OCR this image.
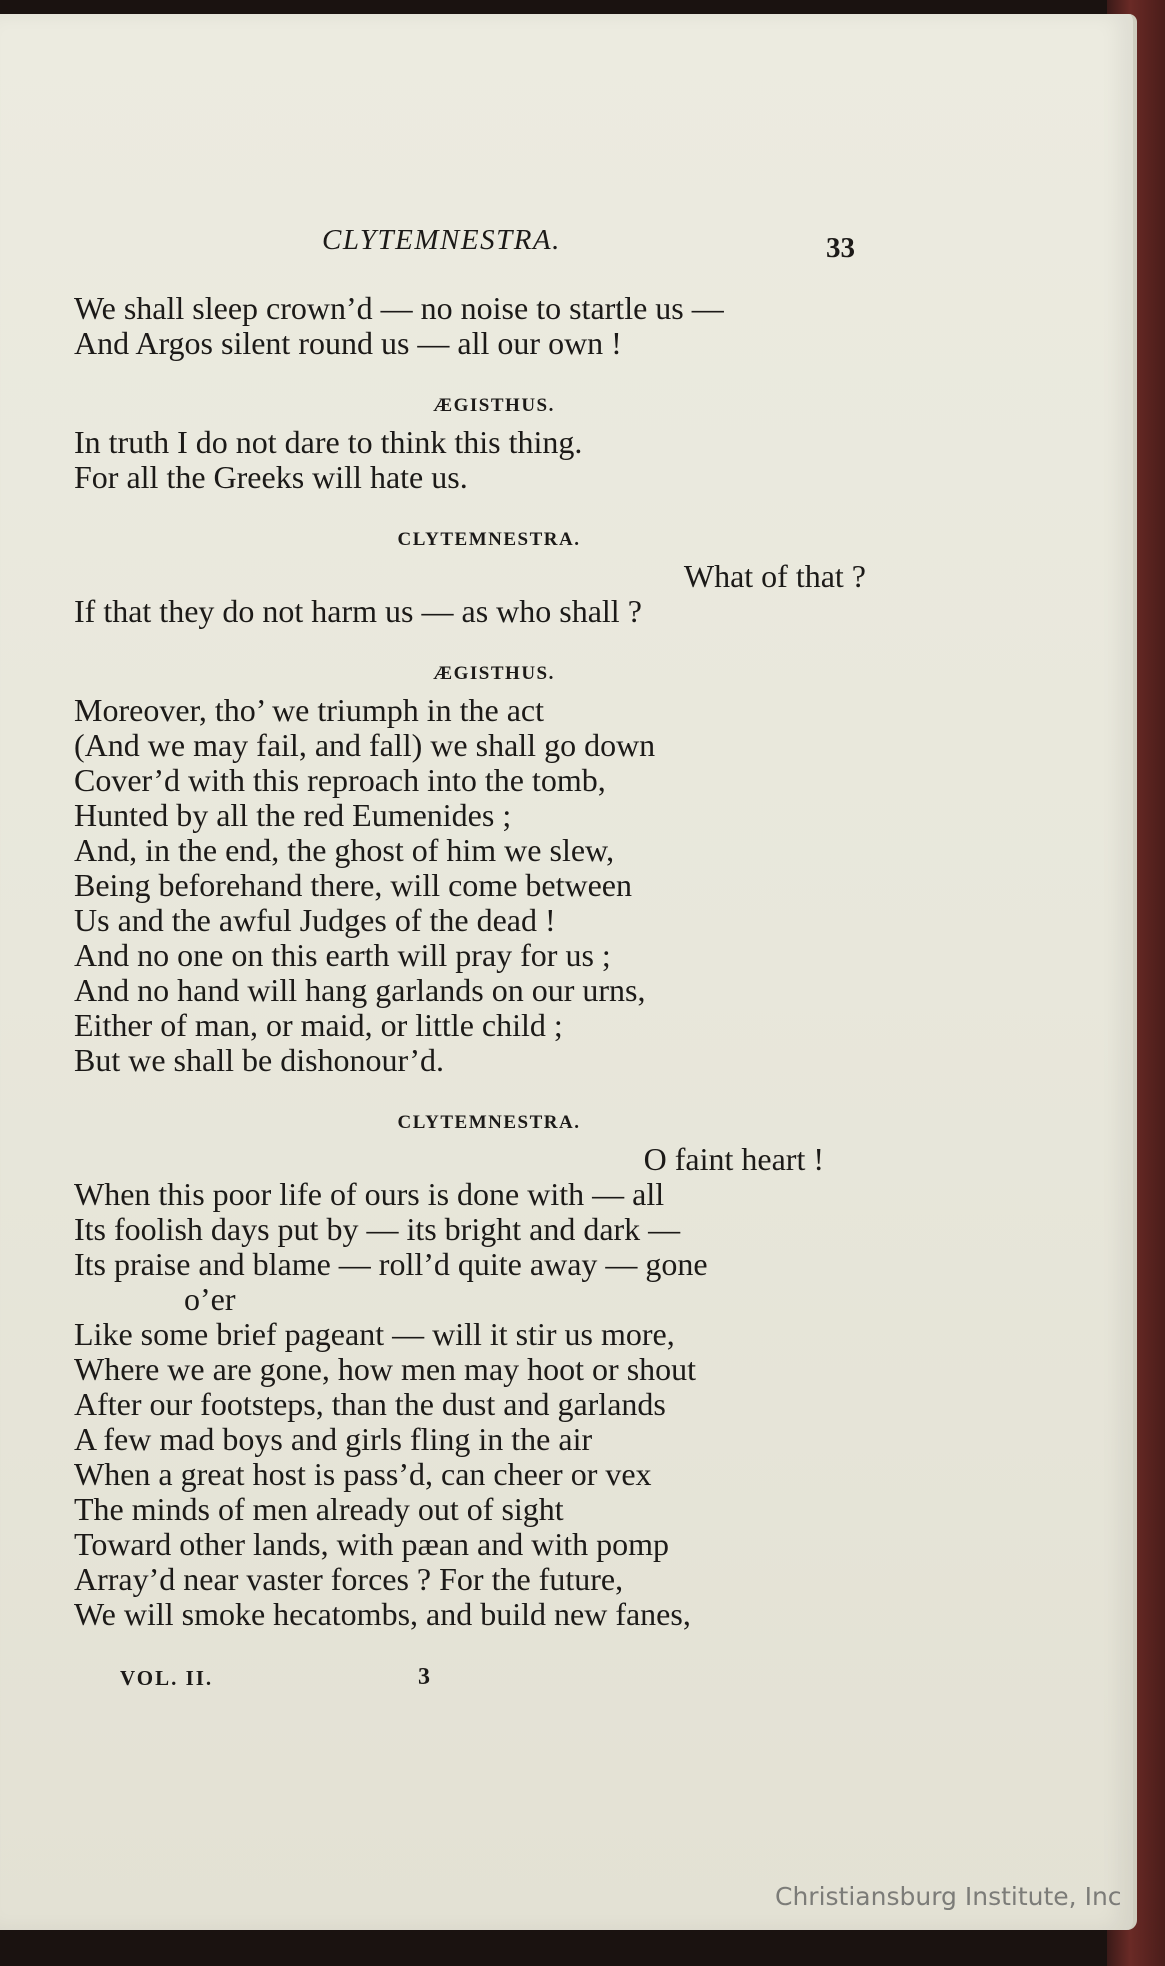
CLYTEMNESTRA.	33
We shall sleep crown’d — no noise to startle us —
And Argos silent round us — all our own !
ÆGISTHUS.
In truth I do not dare to think this thing.
For all the Greeks will hate us.
CLYTEMNESTRA.
What of that ?
If that they do not harm us — as who shall ?
ÆGISTHUS.
Moreover, tho’ we triumph in the act
(And we may fail, and fall) we shall go down
Cover’d with this reproach into the tomb,
Hunted by all the red Eumenides ;
And, in the end, the ghost of him we slew,
Being beforehand there, will come between
Us and the awful Judges of the dead !
And no one on this earth will pray for us ;
And no hand will hang garlands on our urns,
Either of man, or maid, or little child ;
But we shall be dishonour’d.
CLYTEMNESTRA.
O faint heart !
When this poor life of ours is done with — all
Its foolish days put by — its bright and dark —
Its praise and blame — roll’d quite away — gone
o’er
Like some brief pageant — will it stir us more,
Where we are gone, how men may hoot or shout
After our footsteps, than the dust and garlands
A few mad boys and girls fling in the air
When a great host is pass’d, can cheer or vex
The minds of men already out of sight
Toward other lands, with pæan and with pomp
Array’d near vaster forces ? For the future,
We will smoke hecatombs, and build new fanes,
VOL. II.	3
Christiansburg Institute, Inc
